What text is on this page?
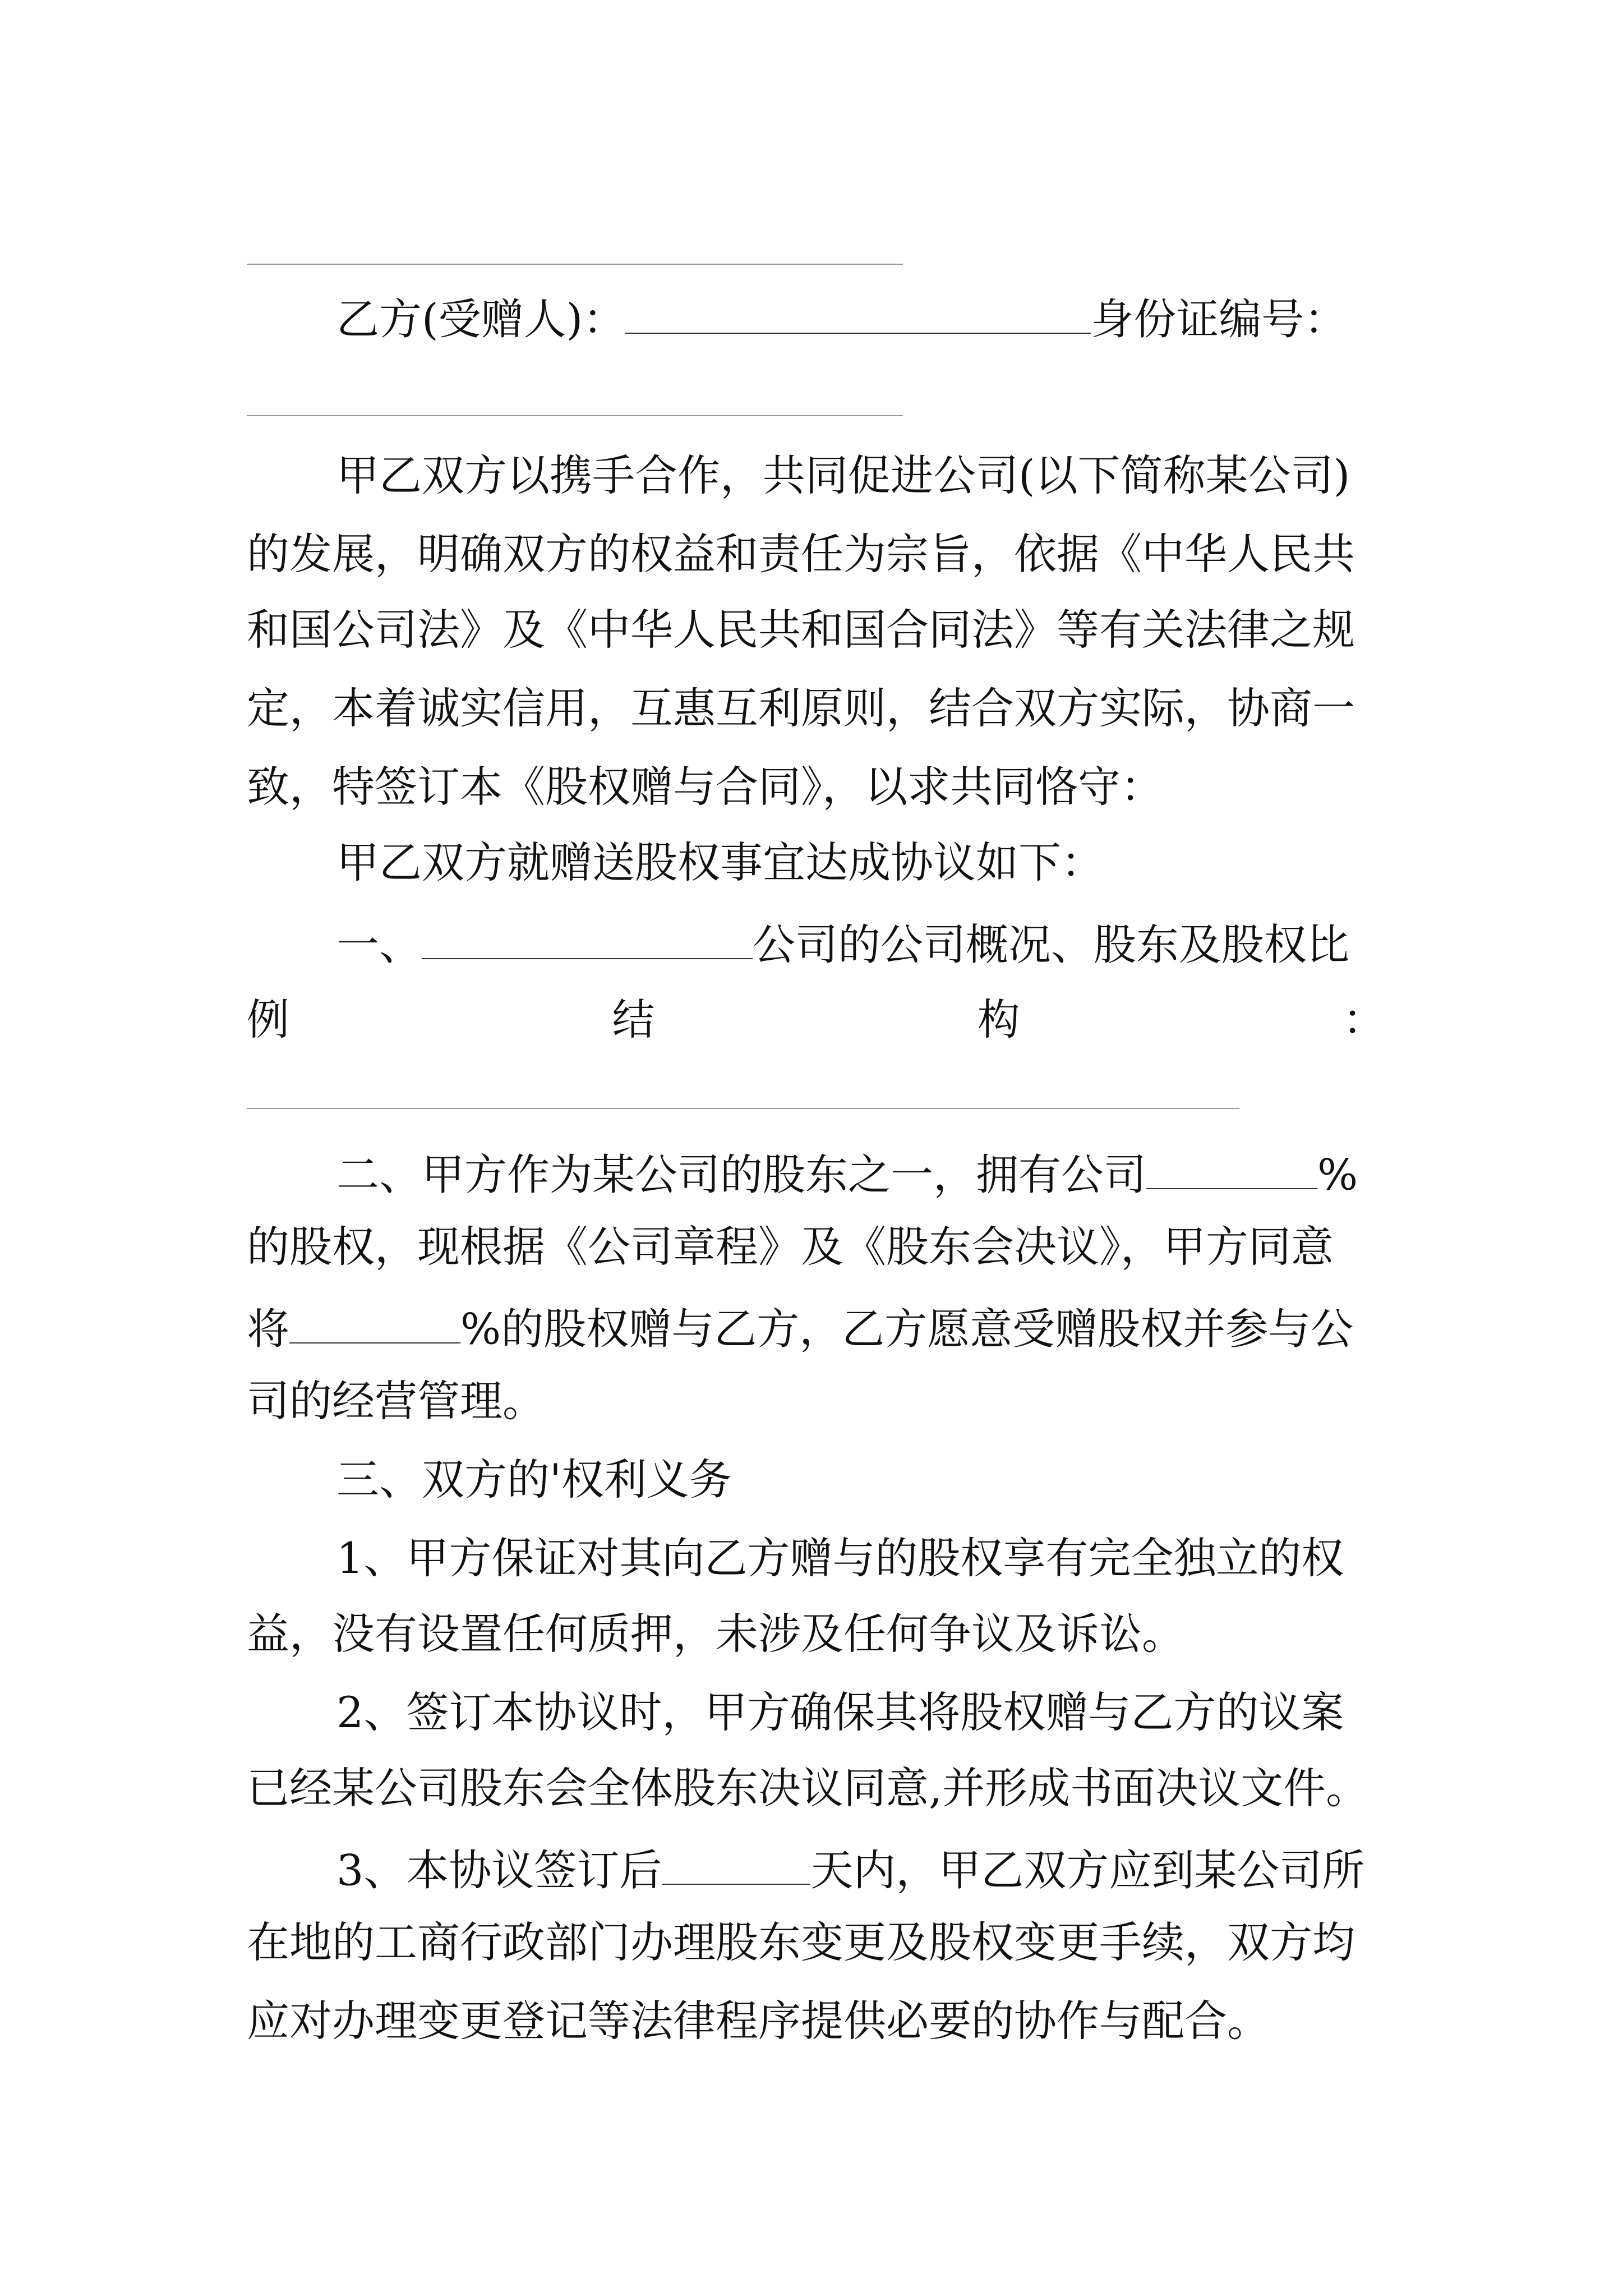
乙方(受赠人)：	身份证编号：
甲乙双方以携手合作，共同促进公司(以下简称某公司)
的发展，明确双方的权益和责任为宗旨，依据《中华人民共
和国公司法》及《中华人民共和国合同法》等有关法律之规
定，本着诚实信用，互惠互利原则，结合双方实际，协商一
致，特签订本《股权赠与合同》，以求共同恪守：
甲乙双方就赠送股权事宜达成协议如下：
一、	公司的公司概况、股东及股权比
例	结	构	：
二、甲方作为某公司的股东之一，拥有公司	%
的股权，现根据《公司章程》及《股东会决议》，甲方同意
将	%的股权赠与乙方，乙方愿意受赠股权并参与公
司的经营管理。
三、双方的'权利义务
1、甲方保证对其向乙方赠与的股权享有完全独立的权
益，没有设置任何质押，未涉及任何争议及诉讼。
2、签订本协议时，甲方确保其将股权赠与乙方的议案
已经某公司股东会全体股东决议同意,并形成书面决议文件。
3、本协议签订后	天内，甲乙双方应到某公司所
在地的工商行政部门办理股东变更及股权变更手续，双方均
应对办理变更登记等法律程序提供必要的协作与配合。
